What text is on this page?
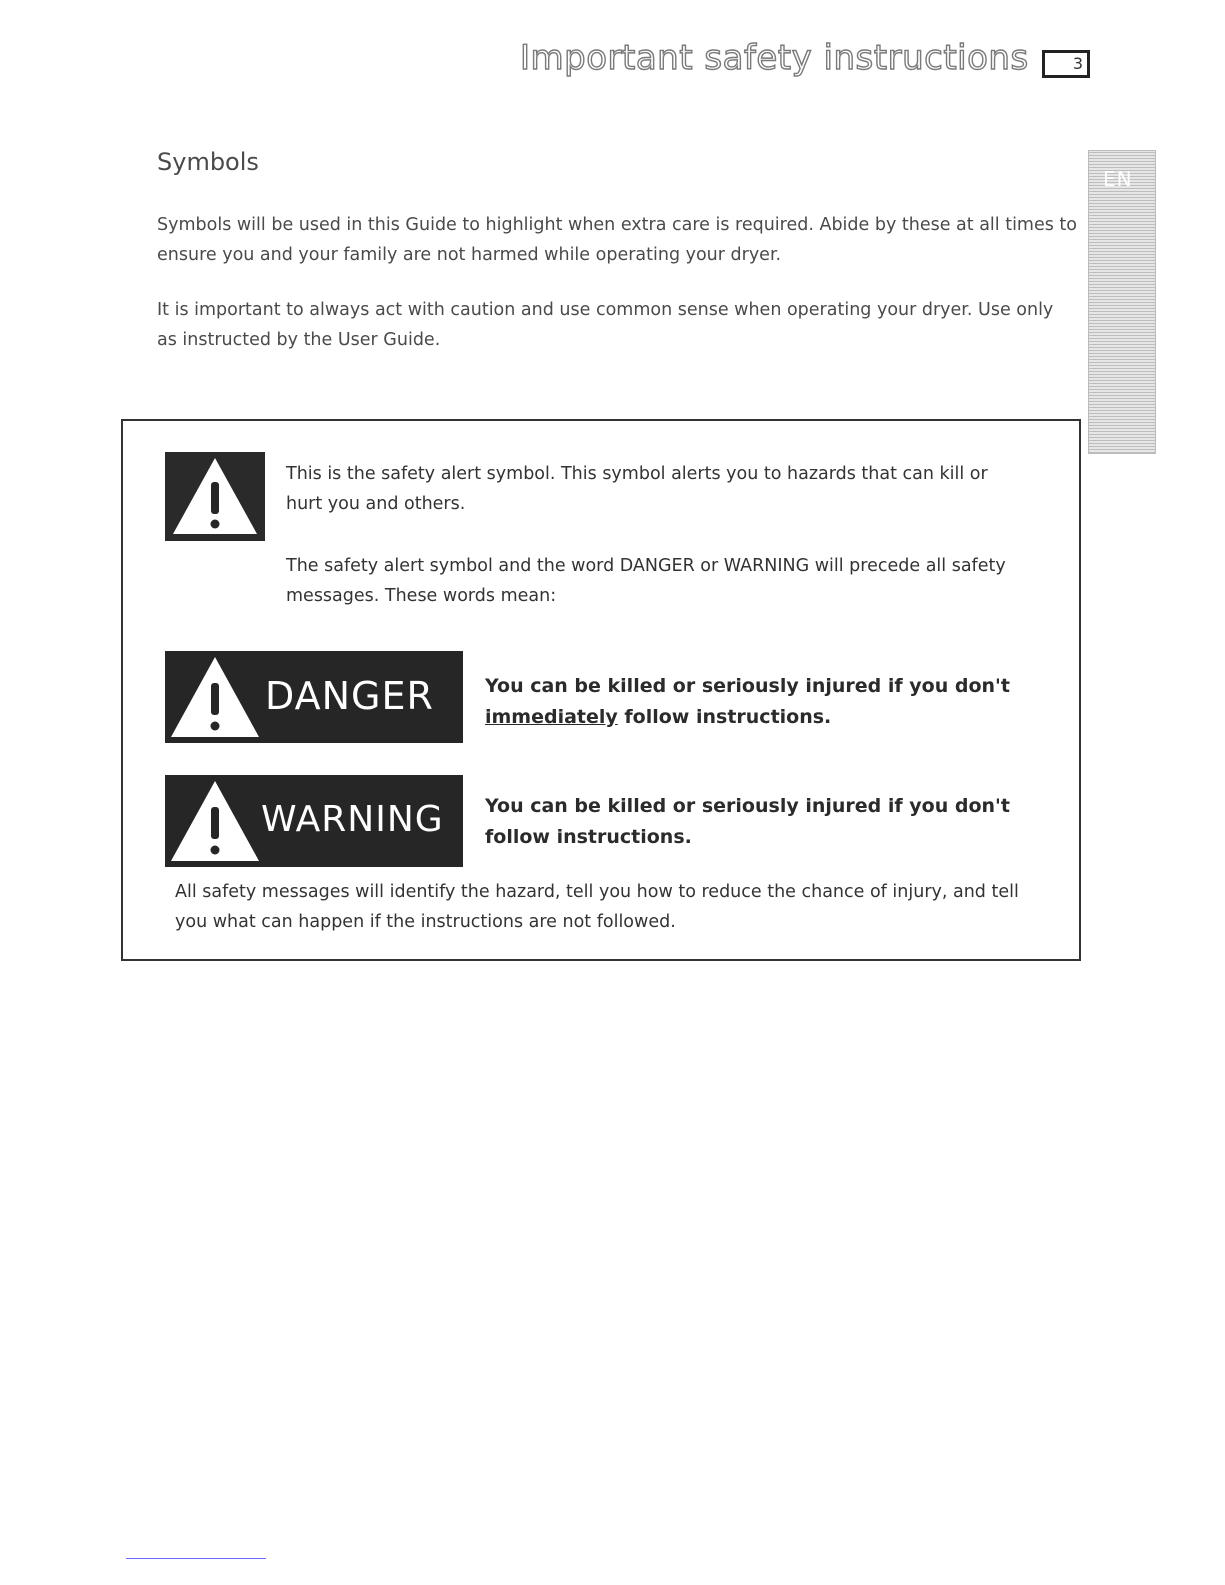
Important safety instructions	3
EN
Symbols

Symbols will be used in this Guide to highlight when extra care is required. Abide by these at all times to ensure you and your family are not harmed while operating your dryer.

It is important to always act with caution and use common sense when operating your dryer. Use only as instructed by the User Guide.

This is the safety alert symbol. This symbol alerts you to hazards that can kill or hurt you and others.

The safety alert symbol and the word DANGER or WARNING will precede all safety messages. These words mean:

DANGER	You can be killed or seriously injured if you don't immediately follow instructions.

WARNING You can be killed or seriously injured if you don't follow instructions.

All safety messages will identify the hazard, tell you how to reduce the chance of injury, and tell you what can happen if the instructions are not followed.
